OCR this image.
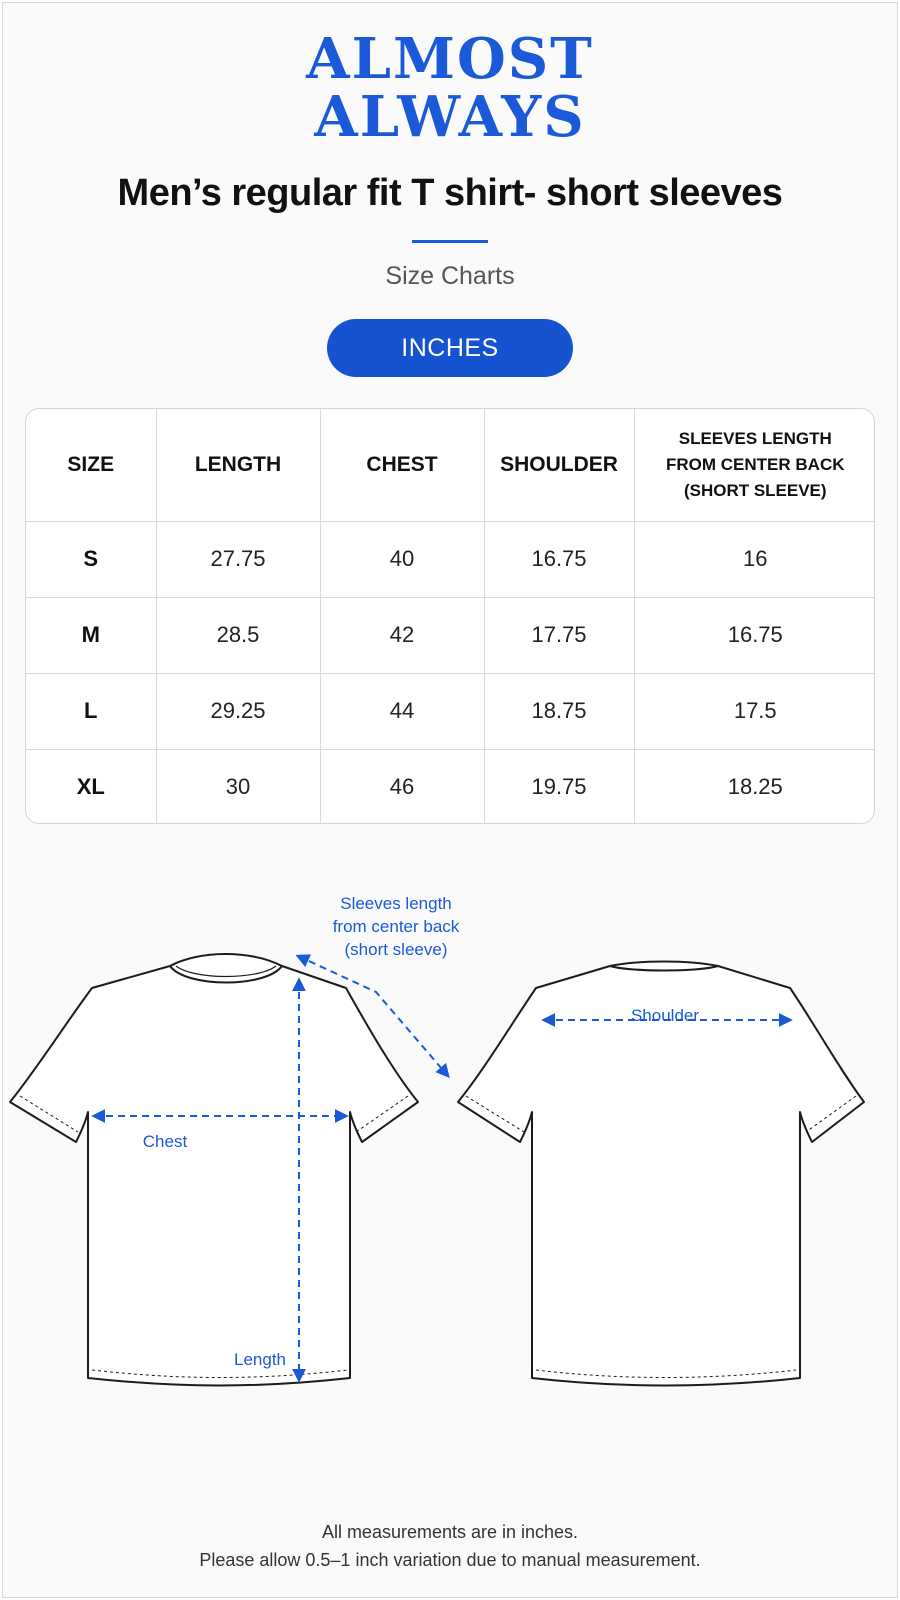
ALMOST
ALWAYS
Men’s regular fit T shirt- short sleeves
Size Charts
INCHES
SIZE	LENGTH	CHEST	SHOULDER	SLEEVES LENGTH
FROM CENTER BACK
(SHORT SLEEVE)

S	27.75	40	16.75	16
M	28.5	42	17.75	16.75
L	29.25	44	18.75	17.5
XL	30	46	19.75	18.25
Sleeves length
from center back
(short sleeve)
Chest
Length
Shoulder
All measurements are in inches.
Please allow 0.5–1 inch variation due to manual measurement.
